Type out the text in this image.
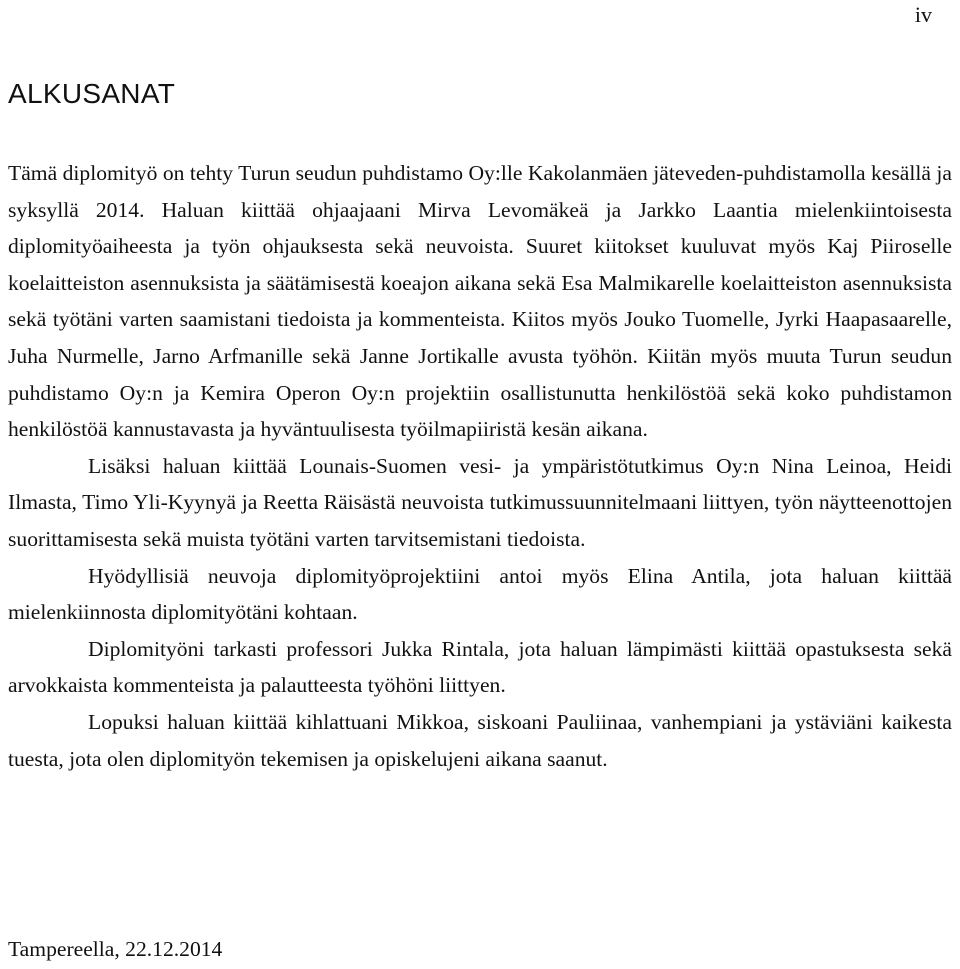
iv
ALKUSANAT

Tämä diplomityö on tehty Turun seudun puhdistamo Oy:lle Kakolanmäen jäteveden-puhdistamolla kesällä ja syksyllä 2014. Haluan kiittää ohjaajaani Mirva Levomäkeä ja Jarkko Laantia mielenkiintoisesta diplomityöaiheesta ja työn ohjauksesta sekä neuvoista. Suuret kiitokset kuuluvat myös Kaj Piiroselle koelaitteiston asennuksista ja säätämisestä koeajon aikana sekä Esa Malmikarelle koelaitteiston asennuksista sekä työtäni varten saamistani tiedoista ja kommenteista. Kiitos myös Jouko Tuomelle, Jyrki Haapasaarelle, Juha Nurmelle, Jarno Arfmanille sekä Janne Jortikalle avusta työhön. Kiitän myös muuta Turun seudun puhdistamo Oy:n ja Kemira Operon Oy:n projektiin osallistunutta henkilöstöä sekä koko puhdistamon henkilöstöä kannustavasta ja hyväntuulisesta työilmapiiristä kesän aikana.

Lisäksi haluan kiittää Lounais-Suomen vesi- ja ympäristötutkimus Oy:n Nina Leinoa, Heidi Ilmasta, Timo Yli-Kyynyä ja Reetta Räisästä neuvoista tutkimussuunnitelmaani liittyen, työn näytteenottojen suorittamisesta sekä muista työtäni varten tarvitsemistani tiedoista.

Hyödyllisiä neuvoja diplomityöprojektiini antoi myös Elina Antila, jota haluan kiittää mielenkiinnosta diplomityötäni kohtaan.

Diplomityöni tarkasti professori Jukka Rintala, jota haluan lämpimästi kiittää opastuksesta sekä arvokkaista kommenteista ja palautteesta työhöni liittyen.

Lopuksi haluan kiittää kihlattuani Mikkoa, siskoani Pauliinaa, vanhempiani ja ystäviäni kaikesta tuesta, jota olen diplomityön tekemisen ja opiskelujeni aikana saanut.

Tampereella, 22.12.2014
